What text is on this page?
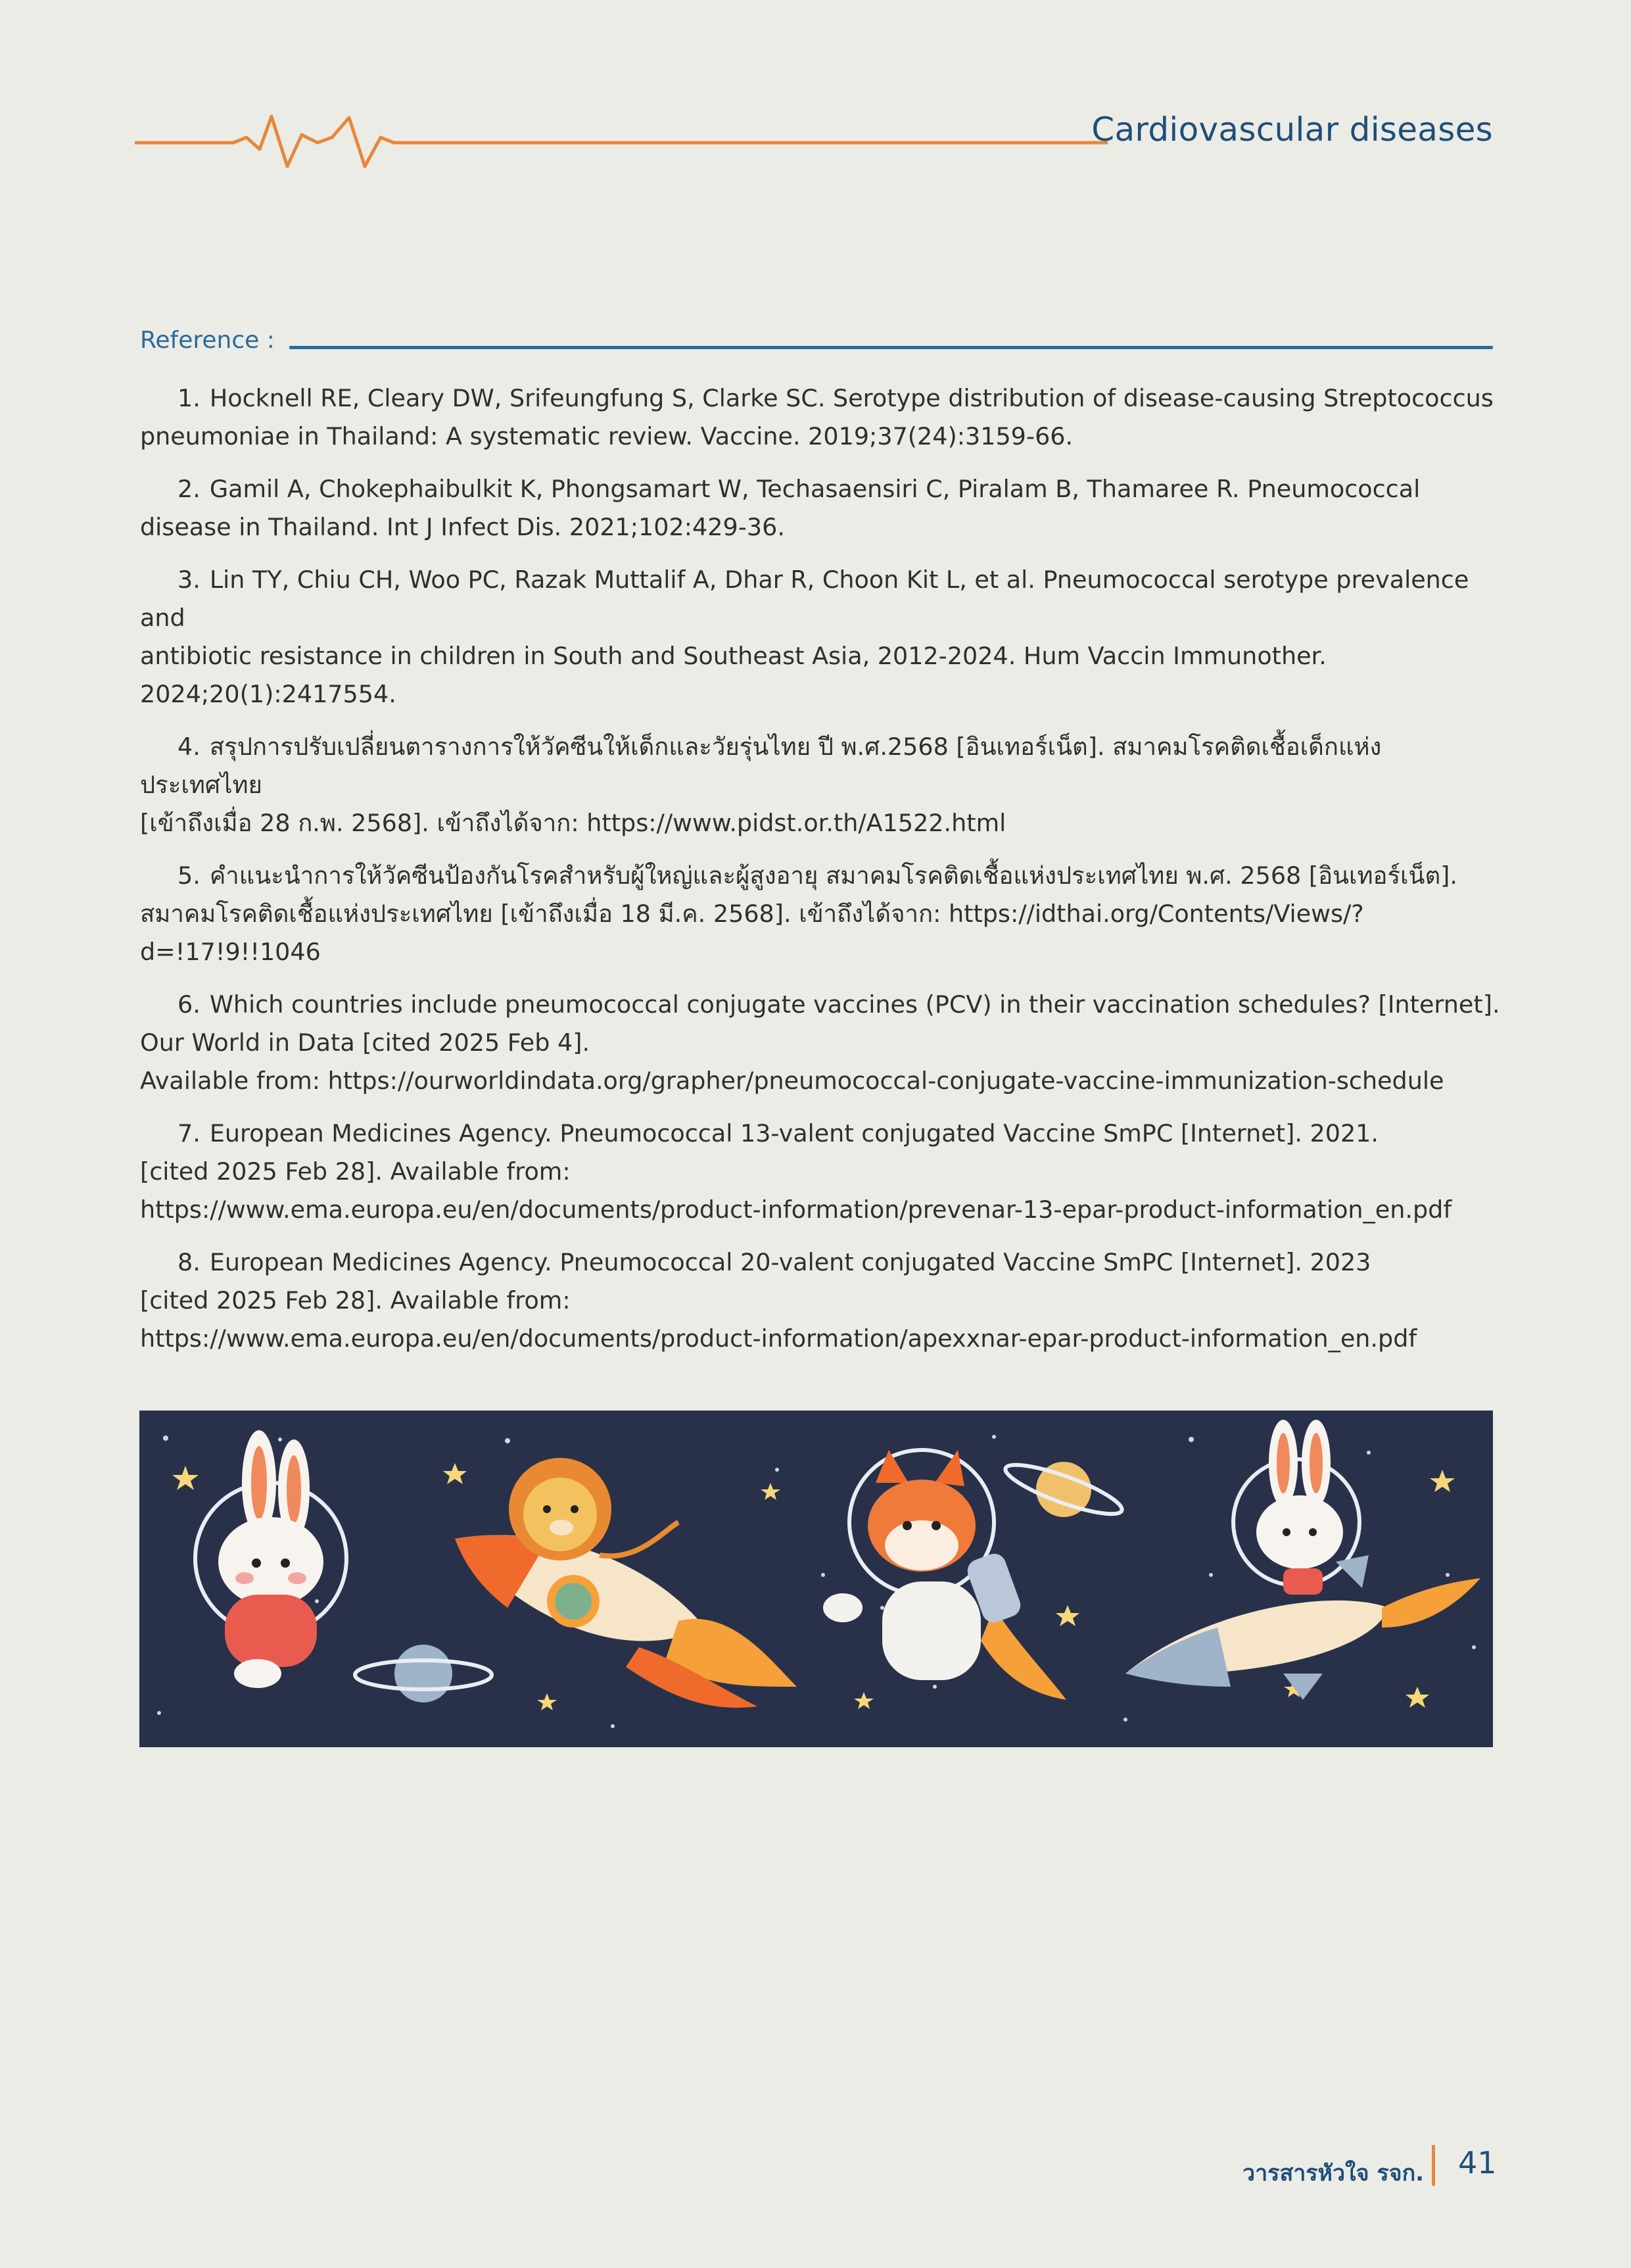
Cardiovascular diseases
Reference :
1. Hocknell RE, Cleary DW, Srifeungfung S, Clarke SC. Serotype distribution of disease-causing Streptococcus
pneumoniae in Thailand: A systematic review. Vaccine. 2019;37(24):3159-66.
2. Gamil A, Chokephaibulkit K, Phongsamart W, Techasaensiri C, Piralam B, Thamaree R. Pneumococcal
disease in Thailand. Int J Infect Dis. 2021;102:429-36.
3. Lin TY, Chiu CH, Woo PC, Razak Muttalif A, Dhar R, Choon Kit L, et al. Pneumococcal serotype prevalence and
antibiotic resistance in children in South and Southeast Asia, 2012-2024. Hum Vaccin Immunother.
2024;20(1):2417554.
4. สรุปการปรับเปลี่ยนตารางการให้วัคซีนให้เด็กและวัยรุ่นไทย ปี พ.ศ.2568 [อินเทอร์เน็ต]. สมาคมโรคติดเชื้อเด็กแห่งประเทศไทย
[เข้าถึงเมื่อ 28 ก.พ. 2568]. เข้าถึงได้จาก: https://www.pidst.or.th/A1522.html
5. คำแนะนำการให้วัคซีนป้องกันโรคสำหรับผู้ใหญ่และผู้สูงอายุ สมาคมโรคติดเชื้อแห่งประเทศไทย พ.ศ. 2568 [อินเทอร์เน็ต].
สมาคมโรคติดเชื้อแห่งประเทศไทย [เข้าถึงเมื่อ 18 มี.ค. 2568]. เข้าถึงได้จาก: https://idthai.org/Contents/Views/?d=!17!9!!1046
6. Which countries include pneumococcal conjugate vaccines (PCV) in their vaccination schedules? [Internet].
Our World in Data [cited 2025 Feb 4].
Available from: https://ourworldindata.org/grapher/pneumococcal-conjugate-vaccine-immunization-schedule
7. European Medicines Agency. Pneumococcal 13-valent conjugated Vaccine SmPC [Internet]. 2021.
[cited 2025 Feb 28]. Available from:
https://www.ema.europa.eu/en/documents/product-information/prevenar-13-epar-product-information_en.pdf
8. European Medicines Agency. Pneumococcal 20-valent conjugated Vaccine SmPC [Internet]. 2023
[cited 2025 Feb 28]. Available from:
https://www.ema.europa.eu/en/documents/product-information/apexxnar-epar-product-information_en.pdf
วารสารหัวใจ รจก. 41
